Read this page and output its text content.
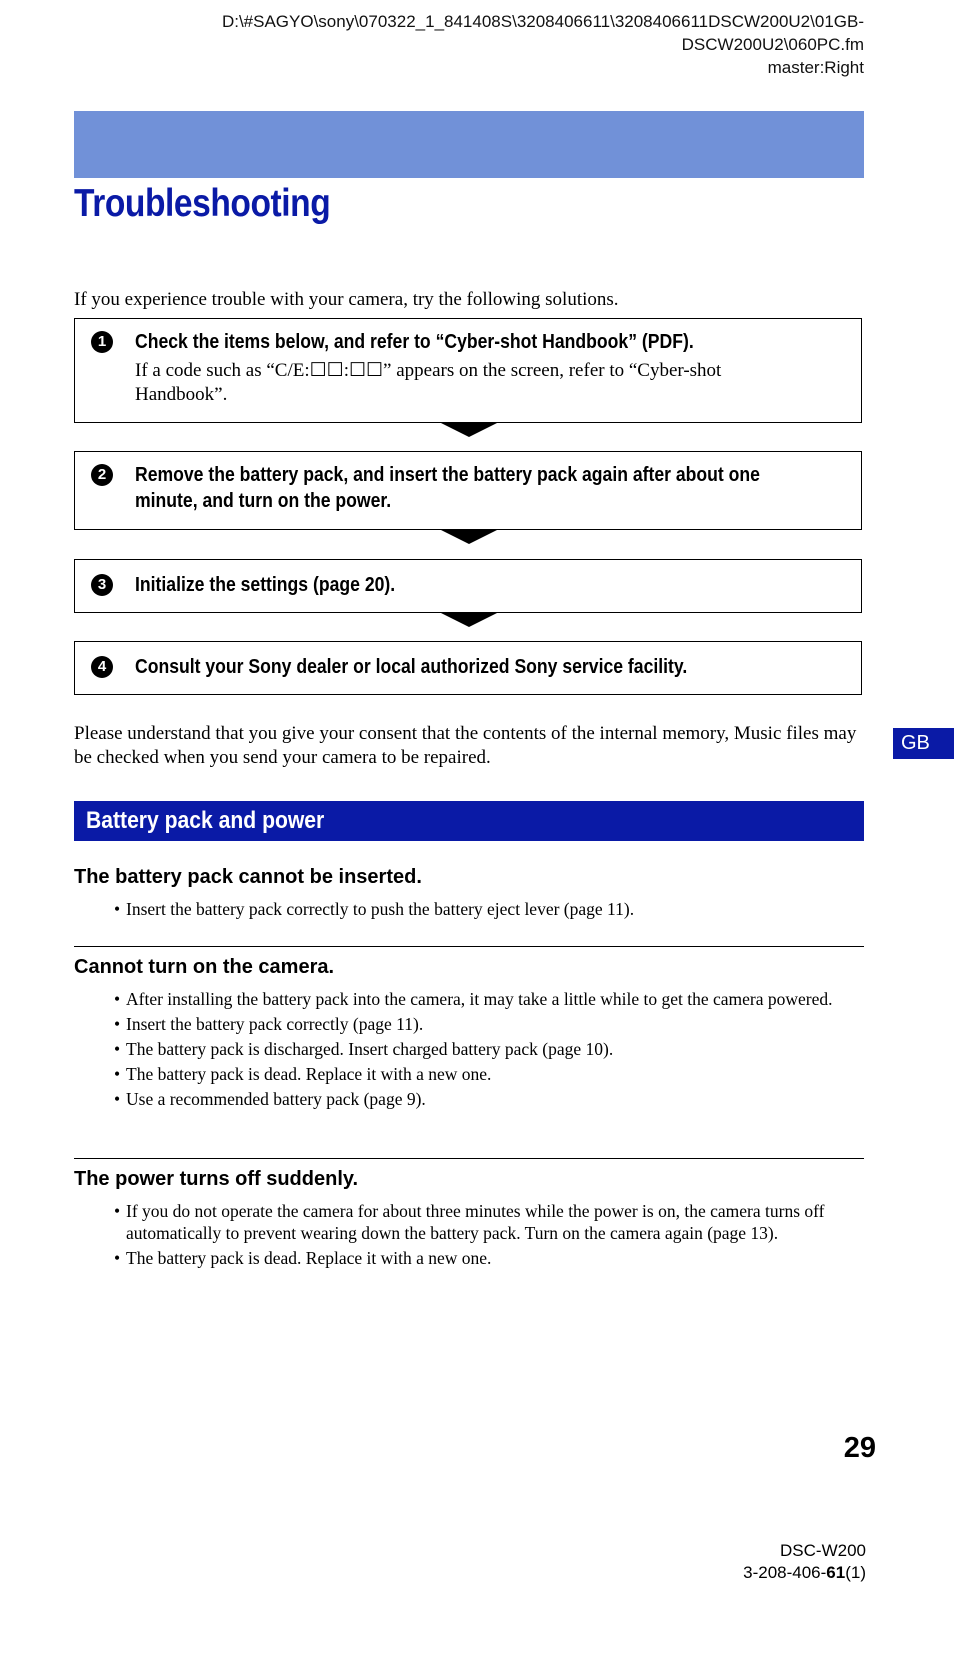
D:\#SAGYO\sony\070322_1_841408S\3208406611\3208406611DSCW200U2\01GB-
DSCW200U2\060PC.fm
master:Right
Troubleshooting
If you experience trouble with your camera, try the following solutions.
1	Check the items below, and refer to “Cyber-shot Handbook” (PDF).
If a code such as “C/E:☐☐:☐☐” appears on the screen, refer to “Cyber-shot Handbook”.
2	Remove the battery pack, and insert the battery pack again after about one
minute, and turn on the power.
3	Initialize the settings (page 20).
4	Consult your Sony dealer or local authorized Sony service facility.
Please understand that you give your consent that the contents of the internal memory, Music files may be checked when you send your camera to be repaired.
GB
Battery pack and power
The battery pack cannot be inserted.
• Insert the battery pack correctly to push the battery eject lever (page 11).
Cannot turn on the camera.
• After installing the battery pack into the camera, it may take a little while to get the camera powered.
• Insert the battery pack correctly (page 11).
• The battery pack is discharged. Insert charged battery pack (page 10).
• The battery pack is dead. Replace it with a new one.
• Use a recommended battery pack (page 9).
The power turns off suddenly.
• If you do not operate the camera for about three minutes while the power is on, the camera turns off automatically to prevent wearing down the battery pack. Turn on the camera again (page 13).
• The battery pack is dead. Replace it with a new one.
29
DSC-W200
3-208-406-61(1)
